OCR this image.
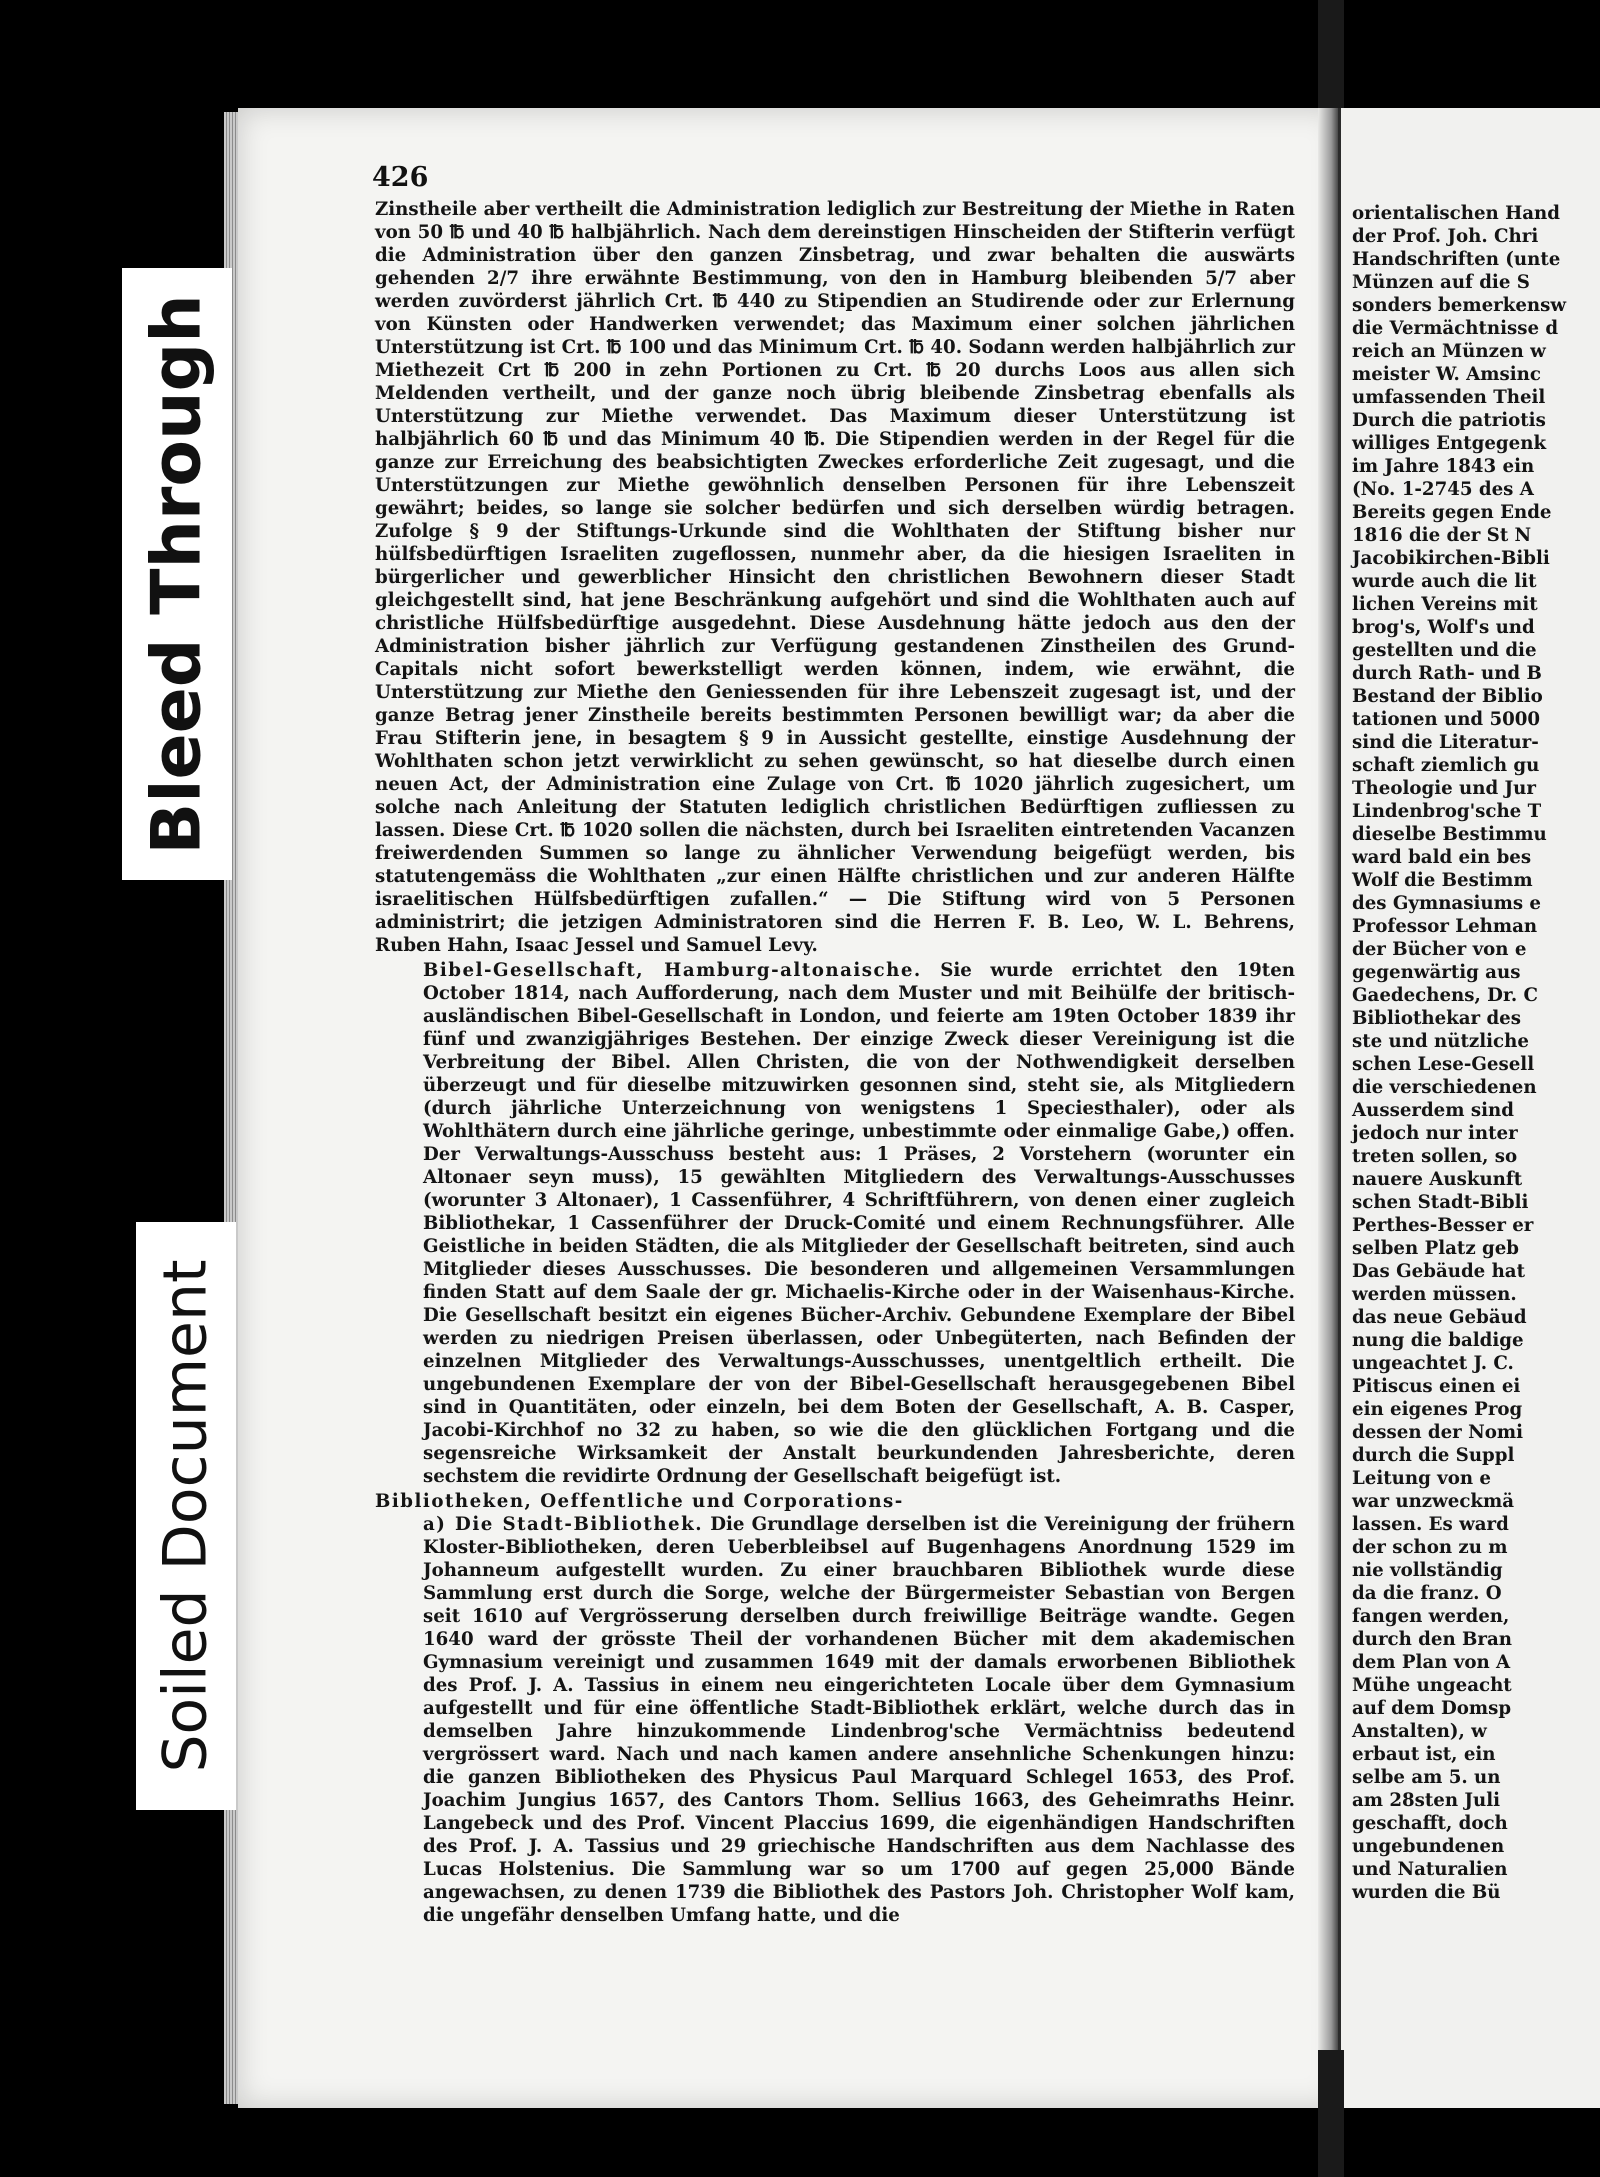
426

Zinstheile aber vertheilt die Administration lediglich zur Bestreitung der Miethe in Raten von 50 ℔ und 40 ℔ halbjährlich. Nach dem dereinstigen Hinscheiden der Stifterin verfügt die Administration über den ganzen Zinsbetrag, und zwar behalten die auswärts gehenden 2/7 ihre erwähnte Bestimmung, von den in Hamburg bleibenden 5/7 aber werden zuvörderst jährlich Crt. ℔ 440 zu Stipendien an Studirende oder zur Erlernung von Künsten oder Handwerken verwendet; das Maximum einer solchen jährlichen Unterstützung ist Crt. ℔ 100 und das Minimum Crt. ℔ 40. Sodann werden halbjährlich zur Miethezeit Crt ℔ 200 in zehn Portionen zu Crt. ℔ 20 durchs Loos aus allen sich Meldenden vertheilt, und der ganze noch übrig bleibende Zinsbetrag ebenfalls als Unterstützung zur Miethe verwendet. Das Maximum dieser Unterstützung ist halbjährlich 60 ℔ und das Minimum 40 ℔. Die Stipendien werden in der Regel für die ganze zur Erreichung des beabsichtigten Zweckes erforderliche Zeit zugesagt, und die Unterstützungen zur Miethe gewöhnlich denselben Personen für ihre Lebenszeit gewährt; beides, so lange sie solcher bedürfen und sich derselben würdig betragen. Zufolge § 9 der Stiftungs-Urkunde sind die Wohlthaten der Stiftung bisher nur hülfsbedürftigen Israeliten zugeflossen, nunmehr aber, da die hiesigen Israeliten in bürgerlicher und gewerblicher Hinsicht den christlichen Bewohnern dieser Stadt gleichgestellt sind, hat jene Beschränkung aufgehört und sind die Wohlthaten auch auf christliche Hülfsbedürftige ausgedehnt. Diese Ausdehnung hätte jedoch aus den der Administration bisher jährlich zur Verfügung gestandenen Zinstheilen des Grund-Capitals nicht sofort bewerkstelligt werden können, indem, wie erwähnt, die Unterstützung zur Miethe den Geniessenden für ihre Lebenszeit zugesagt ist, und der ganze Betrag jener Zinstheile bereits bestimmten Personen bewilligt war; da aber die Frau Stifterin jene, in besagtem § 9 in Aussicht gestellte, einstige Ausdehnung der Wohlthaten schon jetzt verwirklicht zu sehen gewünscht, so hat dieselbe durch einen neuen Act, der Administration eine Zulage von Crt. ℔ 1020 jährlich zugesichert, um solche nach Anleitung der Statuten lediglich christlichen Bedürftigen zufliessen zu lassen. Diese Crt. ℔ 1020 sollen die nächsten, durch bei Israeliten eintretenden Vacanzen freiwerdenden Summen so lange zu ähnlicher Verwendung beigefügt werden, bis statutengemäss die Wohlthaten „zur einen Hälfte christlichen und zur anderen Hälfte israelitischen Hülfsbedürftigen zufallen.“ — Die Stiftung wird von 5 Personen administrirt; die jetzigen Administratoren sind die Herren F. B. Leo, W. L. Behrens, Ruben Hahn, Isaac Jessel und Samuel Levy.

Bibel-Gesellschaft, Hamburg-altonaische. Sie wurde errichtet den 19ten October 1814, nach Aufforderung, nach dem Muster und mit Beihülfe der britisch-ausländischen Bibel-Gesellschaft in London, und feierte am 19ten October 1839 ihr fünf und zwanzigjähriges Bestehen. Der einzige Zweck dieser Vereinigung ist die Verbreitung der Bibel. Allen Christen, die von der Nothwendigkeit derselben überzeugt und für dieselbe mitzuwirken gesonnen sind, steht sie, als Mitgliedern (durch jährliche Unterzeichnung von wenigstens 1 Speciesthaler), oder als Wohlthätern durch eine jährliche geringe, unbestimmte oder einmalige Gabe,) offen. Der Verwaltungs-Ausschuss besteht aus: 1 Präses, 2 Vorstehern (worunter ein Altonaer seyn muss), 15 gewählten Mitgliedern des Verwaltungs-Ausschusses (worunter 3 Altonaer), 1 Cassenführer, 4 Schriftführern, von denen einer zugleich Bibliothekar, 1 Cassenführer der Druck-Comité und einem Rechnungsführer. Alle Geistliche in beiden Städten, die als Mitglieder der Gesellschaft beitreten, sind auch Mitglieder dieses Ausschusses. Die besonderen und allgemeinen Versammlungen finden Statt auf dem Saale der gr. Michaelis-Kirche oder in der Waisenhaus-Kirche. Die Gesellschaft besitzt ein eigenes Bücher-Archiv. Gebundene Exemplare der Bibel werden zu niedrigen Preisen überlassen, oder Unbegüterten, nach Befinden der einzelnen Mitglieder des Verwaltungs-Ausschusses, unentgeltlich ertheilt. Die ungebundenen Exemplare der von der Bibel-Gesellschaft herausgegebenen Bibel sind in Quantitäten, oder einzeln, bei dem Boten der Gesellschaft, A. B. Casper, Jacobi-Kirchhof no 32 zu haben, so wie die den glücklichen Fortgang und die segensreiche Wirksamkeit der Anstalt beurkundenden Jahresberichte, deren sechstem die revidirte Ordnung der Gesellschaft beigefügt ist.

Bibliotheken, Oeffentliche und Corporations-

a) Die Stadt-Bibliothek. Die Grundlage derselben ist die Vereinigung der frühern Kloster-Bibliotheken, deren Ueberbleibsel auf Bugenhagens Anordnung 1529 im Johanneum aufgestellt wurden. Zu einer brauchbaren Bibliothek wurde diese Sammlung erst durch die Sorge, welche der Bürgermeister Sebastian von Bergen seit 1610 auf Vergrösserung derselben durch freiwillige Beiträge wandte. Gegen 1640 ward der grösste Theil der vorhandenen Bücher mit dem akademischen Gymnasium vereinigt und zusammen 1649 mit der damals erworbenen Bibliothek des Prof. J. A. Tassius in einem neu eingerichteten Locale über dem Gymnasium aufgestellt und für eine öffentliche Stadt-Bibliothek erklärt, welche durch das in demselben Jahre hinzukommende Lindenbrog'sche Vermächtniss bedeutend vergrössert ward. Nach und nach kamen andere ansehnliche Schenkungen hinzu: die ganzen Bibliotheken des Physicus Paul Marquard Schlegel 1653, des Prof. Joachim Jungius 1657, des Cantors Thom. Sellius 1663, des Geheimraths Heinr. Langebeck und des Prof. Vincent Placcius 1699, die eigenhändigen Handschriften des Prof. J. A. Tassius und 29 griechische Handschriften aus dem Nachlasse des Lucas Holstenius. Die Sammlung war so um 1700 auf gegen 25,000 Bände angewachsen, zu denen 1739 die Bibliothek des Pastors Joh. Christopher Wolf kam, die ungefähr denselben Umfang hatte, und die

orientalischen Hand
der Prof. Joh. Chri
Handschriften (unte
Münzen auf die S
sonders bemerkensw
die Vermächtnisse d
reich an Münzen w
meister W. Amsinc
umfassenden Theil
Durch die patriotis
williges Entgegenk
im Jahre 1843 ein
(No. 1-2745 des A
Bereits gegen Ende
1816 die der St N
Jacobikirchen-Bibli
wurde auch die lit
lichen Vereins mit
brog's, Wolf's und
gestellten und die
durch Rath- und B
Bestand der Biblio
tationen und 5000
sind die Literatur-
schaft ziemlich gu
Theologie und Jur
Lindenbrog'sche T
dieselbe Bestimmu
ward bald ein bes
Wolf die Bestimm
des Gymnasiums e
Professor Lehman
der Bücher von e
gegenwärtig aus
Gaedechens, Dr. C
Bibliothekar des
ste und nützliche
schen Lese-Gesell
die verschiedenen
Ausserdem sind
jedoch nur inter
treten sollen, so
nauere Auskunft
schen Stadt-Bibli
Perthes-Besser er
selben Platz geb
Das Gebäude hat
werden müssen.
das neue Gebäud
nung die baldige
ungeachtet J. C.
Pitiscus einen ei
ein eigenes Prog
dessen der Nomi
durch die Suppl
Leitung von e
war unzweckmä
lassen. Es ward
der schon zu m
nie vollständig
da die franz. O
fangen werden,
durch den Bran
dem Plan von A
Mühe ungeacht
auf dem Domsp
Anstalten), w
erbaut ist, ein
selbe am 5. un
am 28sten Juli
geschafft, doch
ungebundenen
und Naturalien
wurden die Bü
Bleed Through
Soiled Document
